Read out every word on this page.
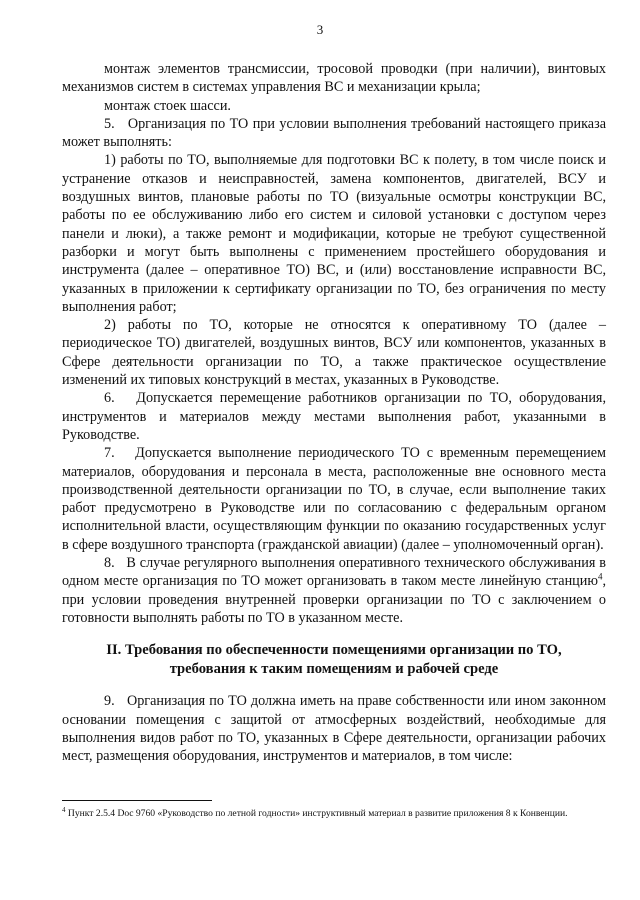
3

монтаж элементов трансмиссии, тросовой проводки (при наличии), винтовых механизмов систем в системах управления ВС и механизации крыла;

монтаж стоек шасси.

5.   Организация по ТО при условии выполнения требований настоящего приказа может выполнять:

1) работы по ТО, выполняемые для подготовки ВС к полету, в том числе поиск и устранение отказов и неисправностей, замена компонентов, двигателей, ВСУ и воздушных винтов, плановые работы по ТО (визуальные осмотры конструкции ВС, работы по ее обслуживанию либо его систем и силовой установки с доступом через панели и люки), а также ремонт и модификации, которые не требуют существенной разборки и могут быть выполнены с применением простейшего оборудования и инструмента (далее – оперативное ТО) ВС, и (или) восстановление исправности ВС, указанных в приложении к сертификату организации по ТО, без ограничения по месту выполнения работ;

2) работы по ТО, которые не относятся к оперативному ТО (далее – периодическое ТО) двигателей, воздушных винтов, ВСУ или компонентов, указанных в Сфере деятельности организации по ТО, а также практическое осуществление изменений их типовых конструкций в местах, указанных в Руководстве.

6.   Допускается перемещение работников организации по ТО, оборудования, инструментов и материалов между местами выполнения работ, указанными в Руководстве.

7.   Допускается выполнение периодического ТО с временным перемещением материалов, оборудования и персонала в места, расположенные вне основного места производственной деятельности организации по ТО, в случае, если выполнение таких работ предусмотрено в Руководстве или по согласованию с федеральным органом исполнительной власти, осуществляющим функции по оказанию государственных услуг в сфере воздушного транспорта (гражданской авиации) (далее – уполномоченный орган).

8.   В случае регулярного выполнения оперативного технического обслуживания в одном месте организация по ТО может организовать в таком месте линейную станцию$^4$, при условии проведения внутренней проверки организации по ТО с заключением о готовности выполнять работы по ТО в указанном месте.

II. Требования по обеспеченности помещениями организации по ТО,
требования к таким помещениям и рабочей среде

9.   Организация по ТО должна иметь на праве собственности или ином законном основании помещения с защитой от атмосферных воздействий, необходимые для выполнения видов работ по ТО, указанных в Сфере деятельности, организации рабочих мест, размещения оборудования, инструментов и материалов, в том числе:

$^4$ Пункт 2.5.4 Doc 9760 «Руководство по летной годности» инструктивный материал в развитие приложения 8 к Конвенции.
